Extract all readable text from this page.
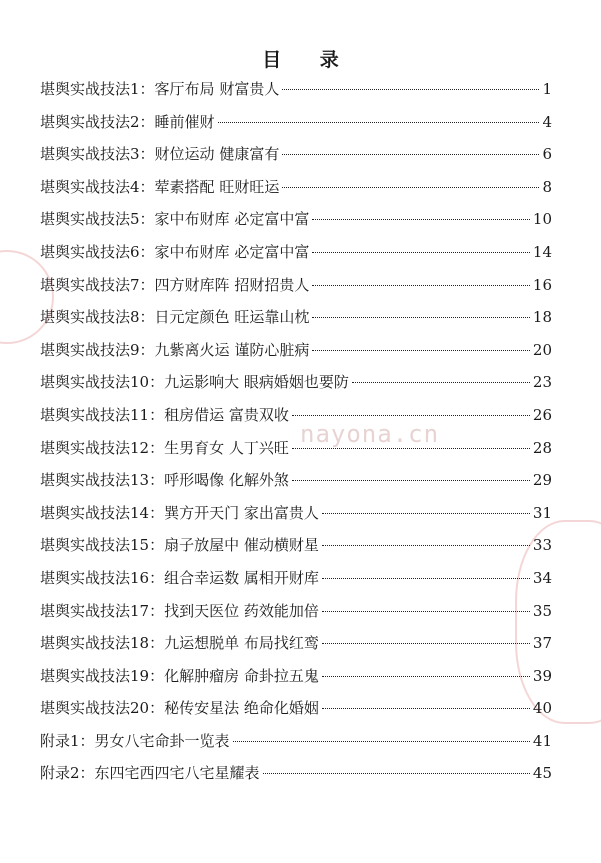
目 录
堪舆实战技法1：客厅布局 财富贵人	1
堪舆实战技法2：睡前催财	4
堪舆实战技法3：财位运动 健康富有	6
堪舆实战技法4：荤素搭配 旺财旺运	8
堪舆实战技法5：家中布财库 必定富中富	10
堪舆实战技法6：家中布财库 必定富中富	14
堪舆实战技法7：四方财库阵 招财招贵人	16
堪舆实战技法8：日元定颜色 旺运靠山枕	18
堪舆实战技法9：九紫离火运 谨防心脏病	20
堪舆实战技法10：九运影响大 眼病婚姻也要防	23
堪舆实战技法11：租房借运 富贵双收	26
堪舆实战技法12：生男育女 人丁兴旺	28
堪舆实战技法13：呼形喝像 化解外煞	29
堪舆实战技法14：巽方开天门 家出富贵人	31
堪舆实战技法15：扇子放屋中 催动横财星	33
堪舆实战技法16：组合幸运数 属相开财库	34
堪舆实战技法17：找到天医位 药效能加倍	35
堪舆实战技法18：九运想脱单 布局找红鸾	37
堪舆实战技法19：化解肿瘤房 命卦拉五鬼	39
堪舆实战技法20：秘传安星法 绝命化婚姻	40
附录1：男女八宅命卦一览表	41
附录2：东四宅西四宅八宅星耀表	45
nayona.cn
